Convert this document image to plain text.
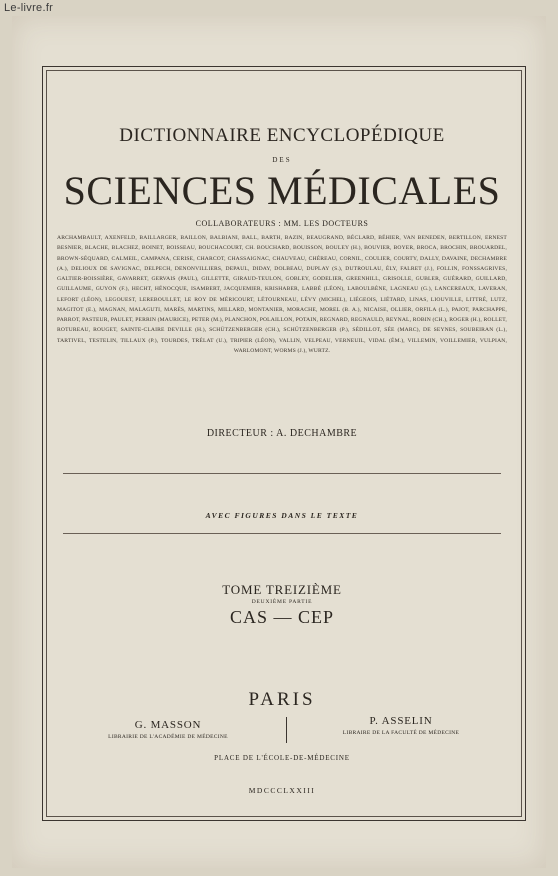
Le-livre.fr
DICTIONNAIRE ENCYCLOPÉDIQUE
DES
SCIENCES MÉDICALES
COLLABORATEURS : MM. LES DOCTEURS
ARCHAMBAULT, AXENFELD, BAILLARGER, BAILLON, BALBIANI, BALL, BARTH, BAZIN, BEAUGRAND, BÉCLARD, BÉHIER, VAN BENEDEN, BERTILLON, ERNEST BESNIER, BLACHE, BLACHEZ, BOINET, BOISSEAU, BOUCHACOURT, CH. BOUCHARD, BOUISSON, BOULEY (H.), BOUVIER, BOYER, BROCA, BROCHIN, BROUARDEL, BROWN-SÉQUARD, CALMEIL, CAMPANA, CERISE, CHARCOT, CHASSAIGNAC, CHAUVEAU, CHÉREAU, CORNIL, COULIER, COURTY, DALLY, DAVAINE, DECHAMBRE (A.), DELIOUX DE SAVIGNAC, DELPECH, DENONVILLIERS, DEPAUL, DIDAY, DOLBEAU, DUPLAY (S.), DUTROULAU, ÉLY, FALRET (J.), FOLLIN, FONSSAGRIVES, GALTIER-BOISSIÈRE, GAVARRET, GERVAIS (PAUL), GILLETTE, GIRAUD-TEULON, GOBLEY, GODELIER, GREENHILL, GRISOLLE, GUBLER, GUÉRARD, GUILLARD, GUILLAUME, GUYON (F.), HECHT, HÉNOCQUE, ISAMBERT, JACQUEMIER, KRISHABER, LABBÉ (LÉON), LABOULBÈNE, LAGNEAU (G.), LANCEREAUX, LAVERAN, LEFORT (LÉON), LEGOUEST, LEREBOULLET, LE ROY DE MÉRICOURT, LÉTOURNEAU, LÉVY (MICHEL), LIÉGEOIS, LIÉTARD, LINAS, LIOUVILLE, LITTRÉ, LUTZ, MAGITOT (E.), MAGNAN, MALAGUTI, MARÈS, MARTINS, MILLARD, MONTANIER, MORACHE, MOREL (B. A.), NICAISE, OLLIER, ORFILA (L.), PAJOT, PARCHAPPE, PARROT, PASTEUR, PAULET, PERRIN (MAURICE), PETER (M.), PLANCHON, POLAILLON, POTAIN, REGNARD, REGNAULD, REYNAL, ROBIN (CH.), ROGER (H.), ROLLET, ROTUREAU, ROUGET, SAINTE-CLAIRE DEVILLE (H.), SCHÜTZENBERGER (CH.), SCHÜTZENBERGER (P.), SÉDILLOT, SÉE (MARC), DE SEYNES, SOUBEIRAN (L.), TARTIVEL, TESTELIN, TILLAUX (P.), TOURDES, TRÉLAT (U.), TRIPIER (LÉON), VALLIN, VELPEAU, VERNEUIL, VIDAL (ÉM.), VILLEMIN, VOILLEMIER, VULPIAN, WARLOMONT, WORMS (J.), WURTZ.
DIRECTEUR : A. DECHAMBRE
AVEC FIGURES DANS LE TEXTE
TOME TREIZIÈME
DEUXIÈME PARTIE
CAS — CEP
PARIS
G. MASSON
LIBRAIRIE DE L'ACADÉMIE DE MÉDECINE
P. ASSELIN
LIBRAIRE DE LA FACULTÉ DE MÉDECINE
PLACE DE L'ÉCOLE-DE-MÉDECINE
MDCCCLXXIII
